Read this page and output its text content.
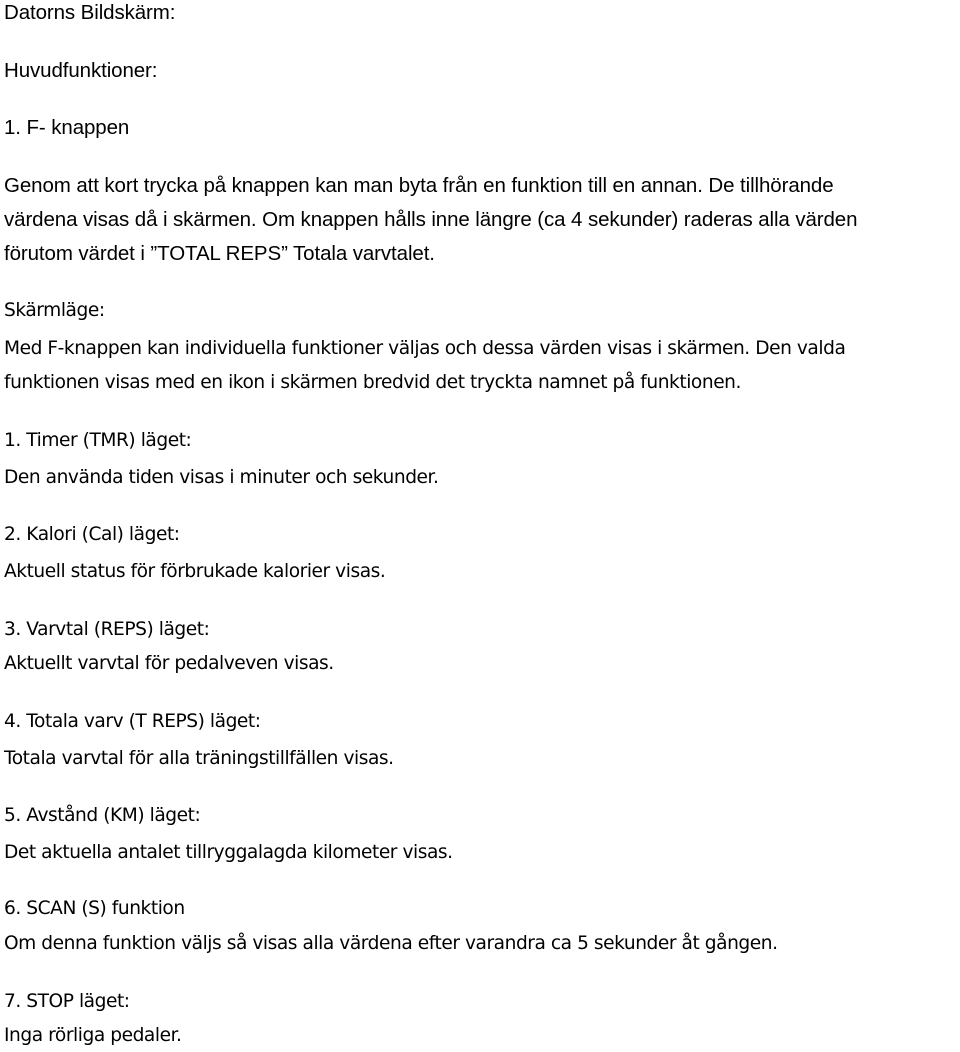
Datorns Bildskärm:
Huvudfunktioner:
1. F- knappen
Genom att kort trycka på knappen kan man byta från en funktion till en annan. De tillhörande
värdena visas då i skärmen. Om knappen hålls inne längre (ca 4 sekunder) raderas alla värden
förutom värdet i ”TOTAL REPS” Totala varvtalet.
Skärmläge:
Med F-knappen kan individuella funktioner väljas och dessa värden visas i skärmen. Den valda
funktionen visas med en ikon i skärmen bredvid det tryckta namnet på funktionen.
1. Timer (TMR) läget:
Den använda tiden visas i minuter och sekunder.
2. Kalori (Cal) läget:
Aktuell status för förbrukade kalorier visas.
3. Varvtal (REPS) läget:
Aktuellt varvtal för pedalveven visas.
4. Totala varv (T REPS) läget:
Totala varvtal för alla träningstillfällen visas.
5. Avstånd (KM) läget:
Det aktuella antalet tillryggalagda kilometer visas.
6. SCAN (S) funktion
Om denna funktion väljs så visas alla värdena efter varandra ca 5 sekunder åt gången.
7. STOP läget:
Inga rörliga pedaler.
